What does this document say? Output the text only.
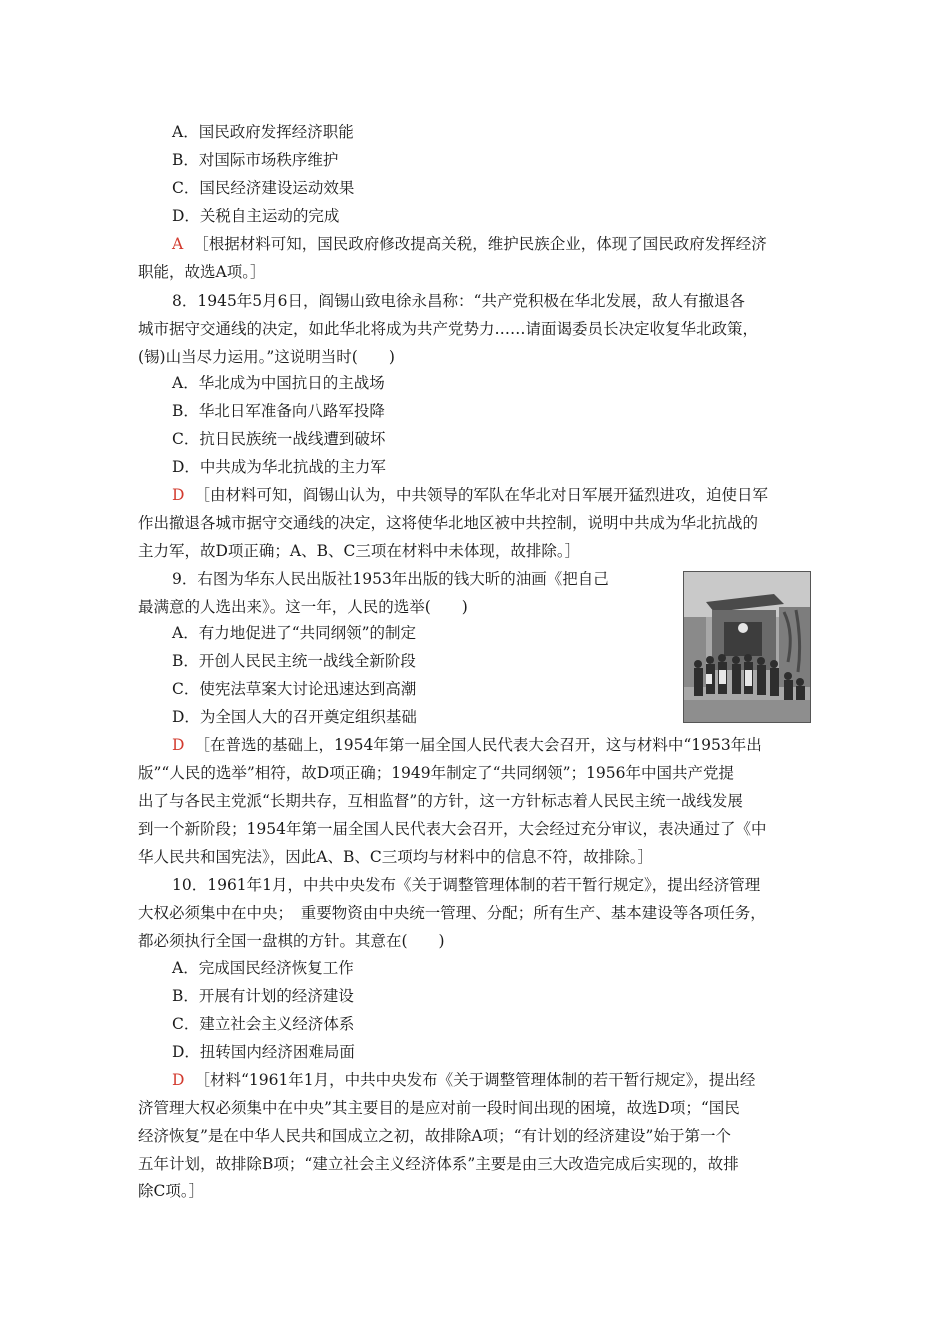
A．国民政府发挥经济职能
B．对国际市场秩序维护
C．国民经济建设运动效果
D．关税自主运动的完成
A ［根据材料可知，国民政府修改提高关税，维护民族企业，体现了国民政府发挥经济
职能，故选A项。］
8．1945年5月6日，阎锡山致电徐永昌称：“共产党积极在华北发展，敌人有撤退各
城市据守交通线的决定，如此华北将成为共产党势力……请面谒委员长决定收复华北政策，
(锡)山当尽力运用。”这说明当时(　　)
A．华北成为中国抗日的主战场
B．华北日军准备向八路军投降
C．抗日民族统一战线遭到破坏
D．中共成为华北抗战的主力军
D ［由材料可知，阎锡山认为，中共领导的军队在华北对日军展开猛烈进攻，迫使日军
作出撤退各城市据守交通线的决定，这将使华北地区被中共控制，说明中共成为华北抗战的
主力军，故D项正确；A、B、C三项在材料中未体现，故排除。］
9．右图为华东人民出版社1953年出版的钱大昕的油画《把自己
最满意的人选出来》。这一年，人民的选举(　　)
A．有力地促进了“共同纲领”的制定
B．开创人民民主统一战线全新阶段
C．使宪法草案大讨论迅速达到高潮
D．为全国人大的召开奠定组织基础
D ［在普选的基础上，1954年第一届全国人民代表大会召开，这与材料中“1953年出
版”“人民的选举”相符，故D项正确；1949年制定了“共同纲领”；1956年中国共产党提
出了与各民主党派“长期共存，互相监督”的方针，这一方针标志着人民民主统一战线发展
到一个新阶段；1954年第一届全国人民代表大会召开，大会经过充分审议，表决通过了《中
华人民共和国宪法》，因此A、B、C三项均与材料中的信息不符，故排除。］
10．1961年1月，中共中央发布《关于调整管理体制的若干暂行规定》，提出经济管理
大权必须集中在中央；　重要物资由中央统一管理、分配；所有生产、基本建设等各项任务，
都必须执行全国一盘棋的方针。其意在(　　)
A．完成国民经济恢复工作
B．开展有计划的经济建设
C．建立社会主义经济体系
D．扭转国内经济困难局面
D ［材料“1961年1月，中共中央发布《关于调整管理体制的若干暂行规定》，提出经
济管理大权必须集中在中央”其主要目的是应对前一段时间出现的困境，故选D项；“国民
经济恢复”是在中华人民共和国成立之初，故排除A项；“有计划的经济建设”始于第一个
五年计划，故排除B项；“建立社会主义经济体系”主要是由三大改造完成后实现的，故排
除C项。］
